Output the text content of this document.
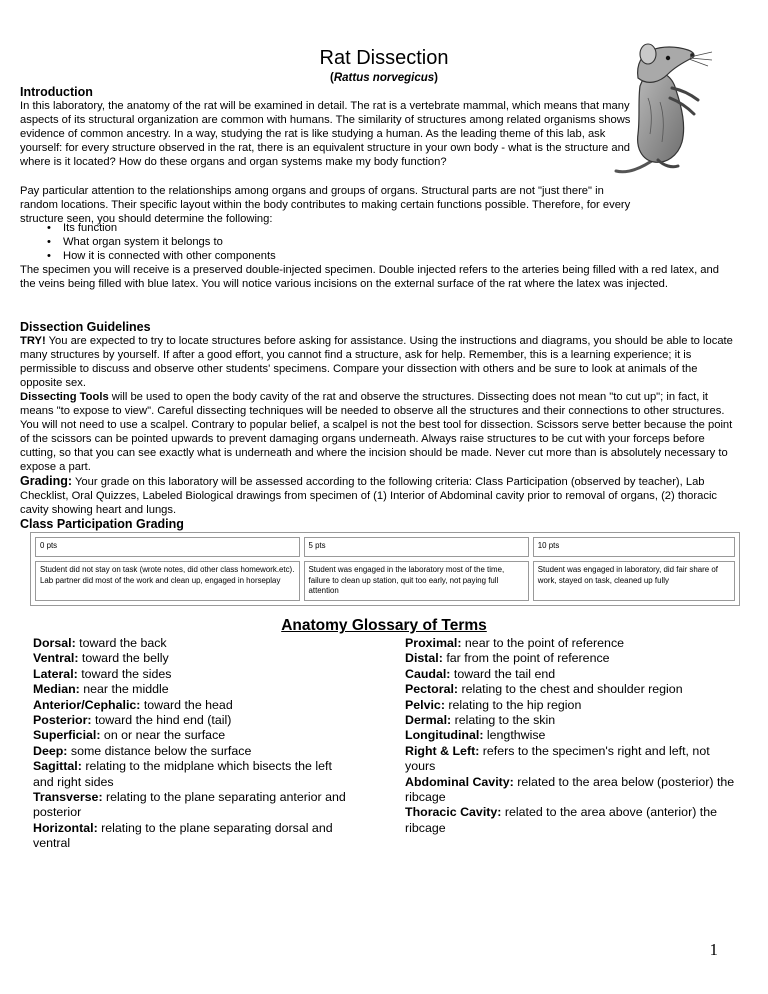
Rat Dissection
(Rattus norvegicus)
Introduction
In this laboratory, the anatomy of the rat will be examined in detail. The rat is a vertebrate mammal, which means that many aspects of its structural organization are common with humans. The similarity of structures among related organisms shows evidence of common ancestry. In a way, studying the rat is like studying a human. As the leading theme of this lab, ask yourself: for every structure observed in the rat, there is an equivalent structure in your own body - what is the structure and where is it located? How do these organs and organ systems make my body function?
Pay particular attention to the relationships among organs and groups of organs. Structural parts are not "just there" in random locations. Their specific layout within the body contributes to making certain functions possible. Therefore, for every structure seen, you should determine the following:
• Its function
• What organ system it belongs to
• How it is connected with other components
The specimen you will receive is a preserved double-injected specimen. Double injected refers to the arteries being filled with a red latex, and the veins being filled with blue latex. You will notice various incisions on the external surface of the rat where the latex was injected.
Dissection Guidelines
TRY! You are expected to try to locate structures before asking for assistance. Using the instructions and diagrams, you should be able to locate many structures by yourself. If after a good effort, you cannot find a structure, ask for help. Remember, this is a learning experience; it is permissible to discuss and observe other students' specimens. Compare your dissection with others and be sure to look at animals of the opposite sex.
Dissecting Tools will be used to open the body cavity of the rat and observe the structures. Dissecting does not mean "to cut up"; in fact, it means "to expose to view". Careful dissecting techniques will be needed to observe all the structures and their connections to other structures. You will not need to use a scalpel. Contrary to popular belief, a scalpel is not the best tool for dissection. Scissors serve better because the point of the scissors can be pointed upwards to prevent damaging organs underneath. Always raise structures to be cut with your forceps before cutting, so that you can see exactly what is underneath and where the incision should be made. Never cut more than is absolutely necessary to expose a part.
Grading: Your grade on this laboratory will be assessed according to the following criteria: Class Participation (observed by teacher), Lab Checklist, Oral Quizzes, Labeled Biological drawings from specimen of (1) Interior of Abdominal cavity prior to removal of organs, (2) thoracic cavity showing heart and lungs.
Class Participation Grading
0 pts	5 pts	10 pts
Student did not stay on task (wrote notes, did other class homework.etc). Lab partner did most of the work and clean up, engaged in horseplay	Student was engaged in the laboratory most of the time, failure to clean up station, quit too early, not paying full attention	Student was engaged in laboratory, did fair share of work, stayed on task, cleaned up fully
Anatomy Glossary of Terms
Dorsal: toward the back
Ventral: toward the belly
Lateral: toward the sides
Median: near the middle
Anterior/Cephalic: toward the head
Posterior: toward the hind end (tail)
Superficial: on or near the surface
Deep: some distance below the surface
Sagittal: relating to the midplane which bisects the left and right sides
Transverse: relating to the plane separating anterior and posterior
Horizontal: relating to the plane separating dorsal and ventral
Proximal: near to the point of reference
Distal: far from the point of reference
Caudal: toward the tail end
Pectoral: relating to the chest and shoulder region
Pelvic: relating to the hip region
Dermal: relating to the skin
Longitudinal: lengthwise
Right & Left: refers to the specimen's right and left, not yours
Abdominal Cavity: related to the area below (posterior) the ribcage
Thoracic Cavity: related to the area above (anterior) the ribcage
1
